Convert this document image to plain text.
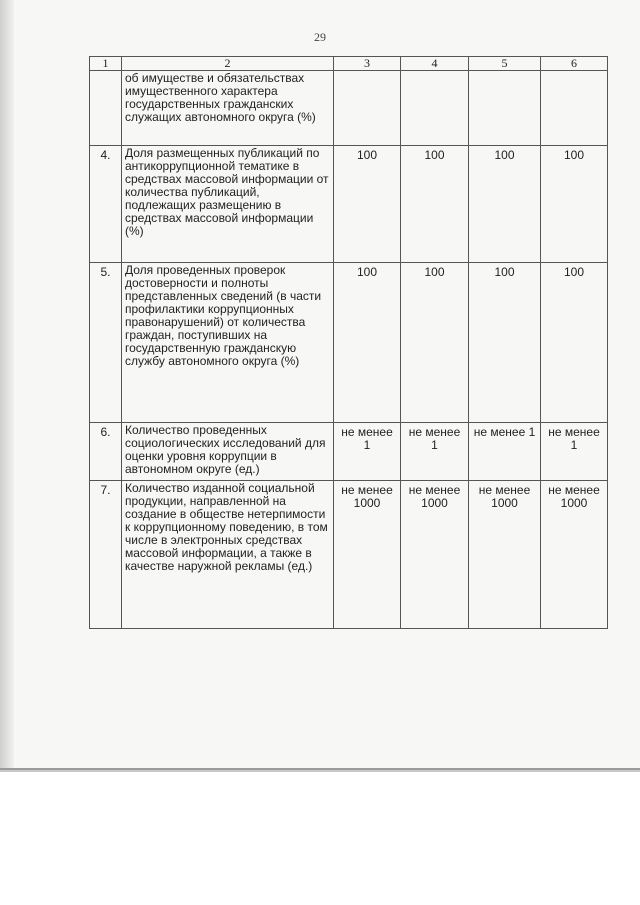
29
1	2	3	4	5	6
	об имуществе и обязательствах имущественного характера государственных гражданских служащих автономного округа (%)				
4.	Доля размещенных публикаций по антикоррупционной тематике в средствах массовой информации от количества публикаций, подлежащих размещению в средствах массовой информации (%)	100	100	100	100
5.	Доля проведенных проверок достоверности и полноты представленных сведений (в части профилактики коррупционных правонарушений) от количества граждан, поступивших на государственную гражданскую службу автономного округа (%)	100	100	100	100
6.	Количество проведенных социологических исследований для оценки уровня коррупции в автономном округе (ед.)	не менее 1	не менее 1	не менее 1	не менее 1
7.	Количество изданной социальной продукции, направленной на создание в обществе нетерпимости к коррупционному поведению, в том числе в электронных средствах массовой информации, а также в качестве наружной рекламы (ед.)	не менее 1000	не менее 1000	не менее 1000	не менее 1000
